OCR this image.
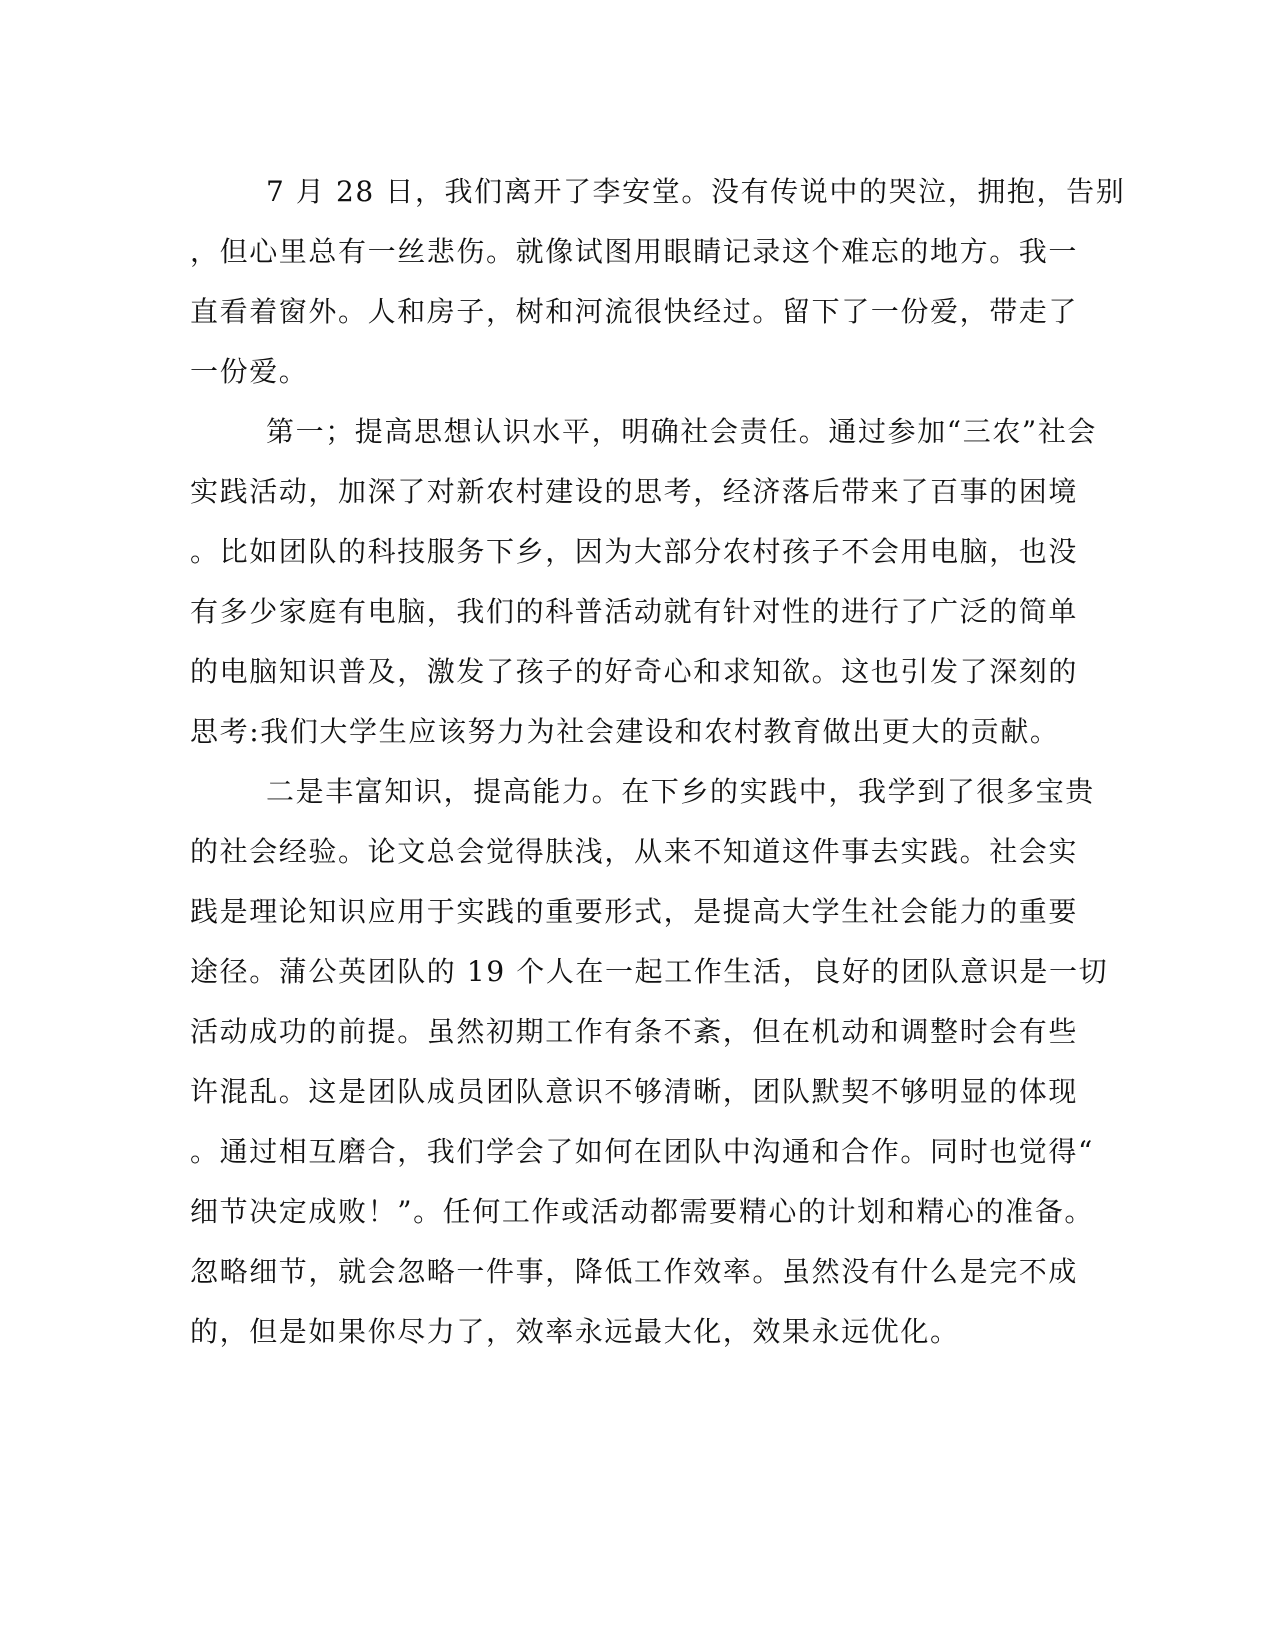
7 月 28 日，我们离开了李安堂。没有传说中的哭泣，拥抱，告别
，但心里总有一丝悲伤。就像试图用眼睛记录这个难忘的地方。我一
直看着窗外。人和房子，树和河流很快经过。留下了一份爱，带走了
一份爱。
第一；提高思想认识水平，明确社会责任。通过参加“三农”社会
实践活动，加深了对新农村建设的思考，经济落后带来了百事的困境
。比如团队的科技服务下乡，因为大部分农村孩子不会用电脑，也没
有多少家庭有电脑，我们的科普活动就有针对性的进行了广泛的简单
的电脑知识普及，激发了孩子的好奇心和求知欲。这也引发了深刻的
思考:我们大学生应该努力为社会建设和农村教育做出更大的贡献。
二是丰富知识，提高能力。在下乡的实践中，我学到了很多宝贵
的社会经验。论文总会觉得肤浅，从来不知道这件事去实践。社会实
践是理论知识应用于实践的重要形式，是提高大学生社会能力的重要
途径。蒲公英团队的 19 个人在一起工作生活，良好的团队意识是一切
活动成功的前提。虽然初期工作有条不紊，但在机动和调整时会有些
许混乱。这是团队成员团队意识不够清晰，团队默契不够明显的体现
。通过相互磨合，我们学会了如何在团队中沟通和合作。同时也觉得“
细节决定成败！”。任何工作或活动都需要精心的计划和精心的准备。
忽略细节，就会忽略一件事，降低工作效率。虽然没有什么是完不成
的，但是如果你尽力了，效率永远最大化，效果永远优化。
